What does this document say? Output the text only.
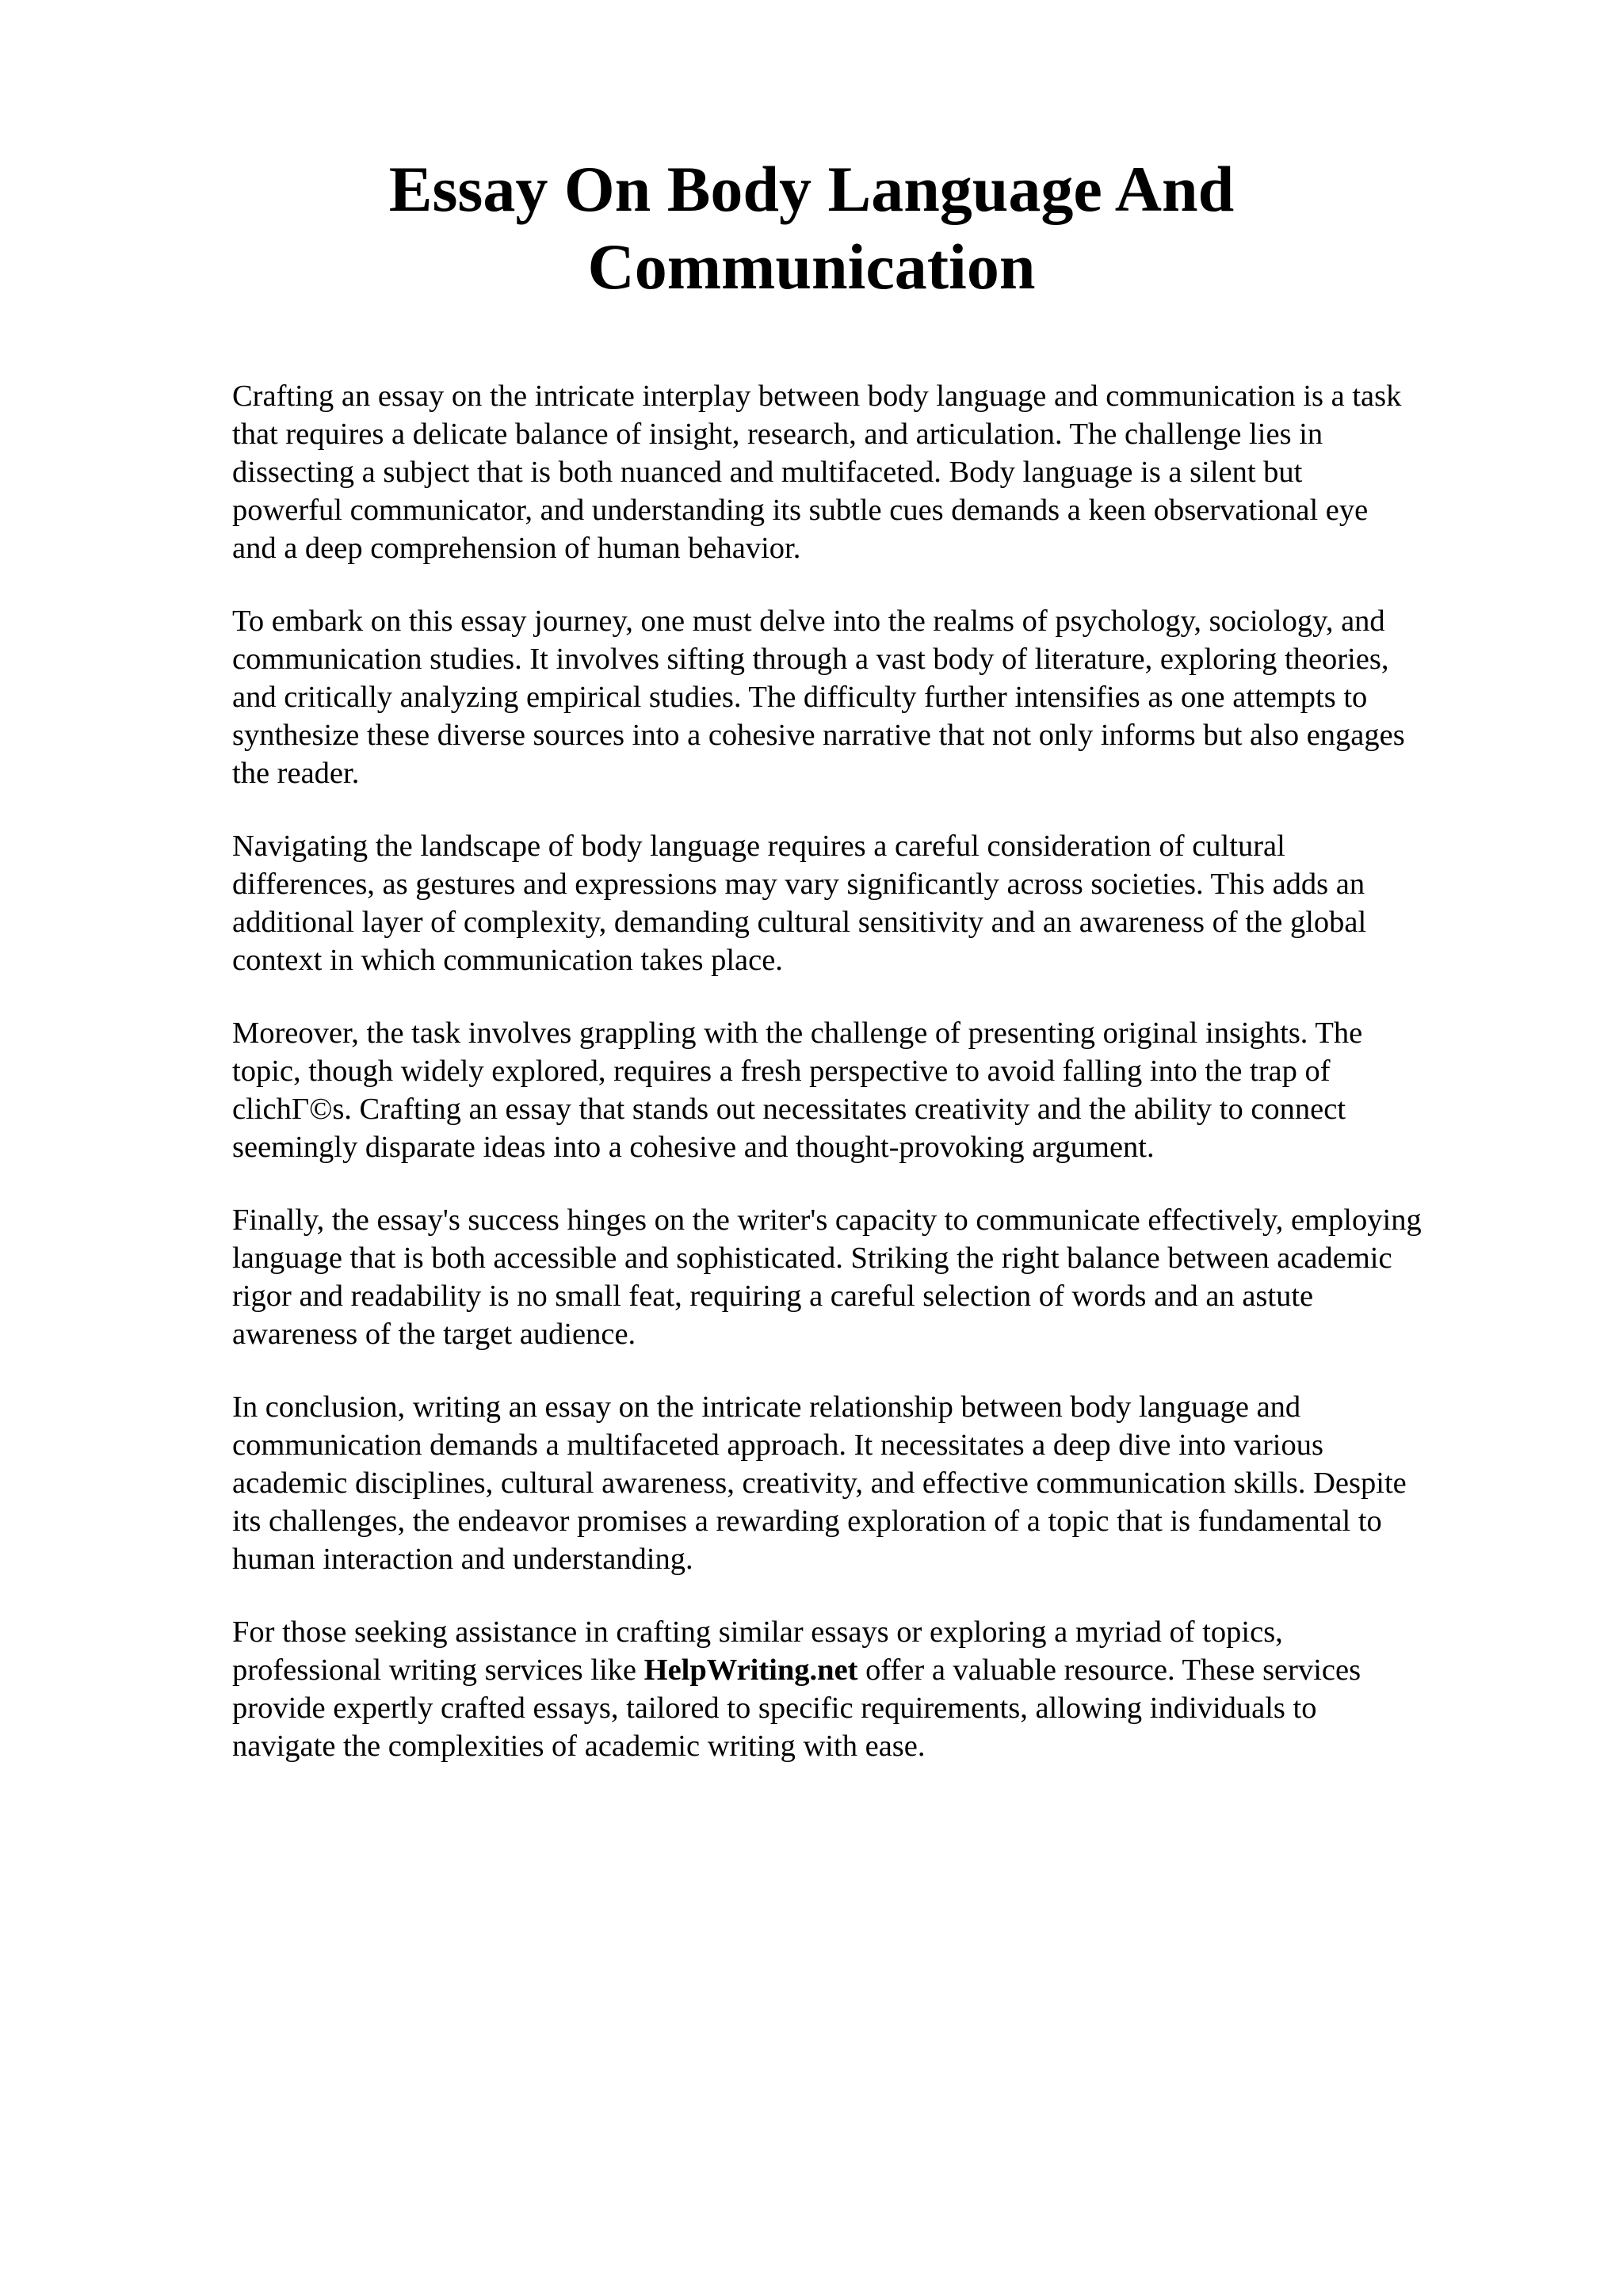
Essay On Body Language And
Communication

Crafting an essay on the intricate interplay between body language and communication is a task
that requires a delicate balance of insight, research, and articulation. The challenge lies in
dissecting a subject that is both nuanced and multifaceted. Body language is a silent but
powerful communicator, and understanding its subtle cues demands a keen observational eye
and a deep comprehension of human behavior.

To embark on this essay journey, one must delve into the realms of psychology, sociology, and
communication studies. It involves sifting through a vast body of literature, exploring theories,
and critically analyzing empirical studies. The difficulty further intensifies as one attempts to
synthesize these diverse sources into a cohesive narrative that not only informs but also engages
the reader.

Navigating the landscape of body language requires a careful consideration of cultural
differences, as gestures and expressions may vary significantly across societies. This adds an
additional layer of complexity, demanding cultural sensitivity and an awareness of the global
context in which communication takes place.

Moreover, the task involves grappling with the challenge of presenting original insights. The
topic, though widely explored, requires a fresh perspective to avoid falling into the trap of
clichΓ©s. Crafting an essay that stands out necessitates creativity and the ability to connect
seemingly disparate ideas into a cohesive and thought-provoking argument.

Finally, the essay's success hinges on the writer's capacity to communicate effectively, employing
language that is both accessible and sophisticated. Striking the right balance between academic
rigor and readability is no small feat, requiring a careful selection of words and an astute
awareness of the target audience.

In conclusion, writing an essay on the intricate relationship between body language and
communication demands a multifaceted approach. It necessitates a deep dive into various
academic disciplines, cultural awareness, creativity, and effective communication skills. Despite
its challenges, the endeavor promises a rewarding exploration of a topic that is fundamental to
human interaction and understanding.

For those seeking assistance in crafting similar essays or exploring a myriad of topics,
professional writing services like HelpWriting.net offer a valuable resource. These services
provide expertly crafted essays, tailored to specific requirements, allowing individuals to
navigate the complexities of academic writing with ease.
